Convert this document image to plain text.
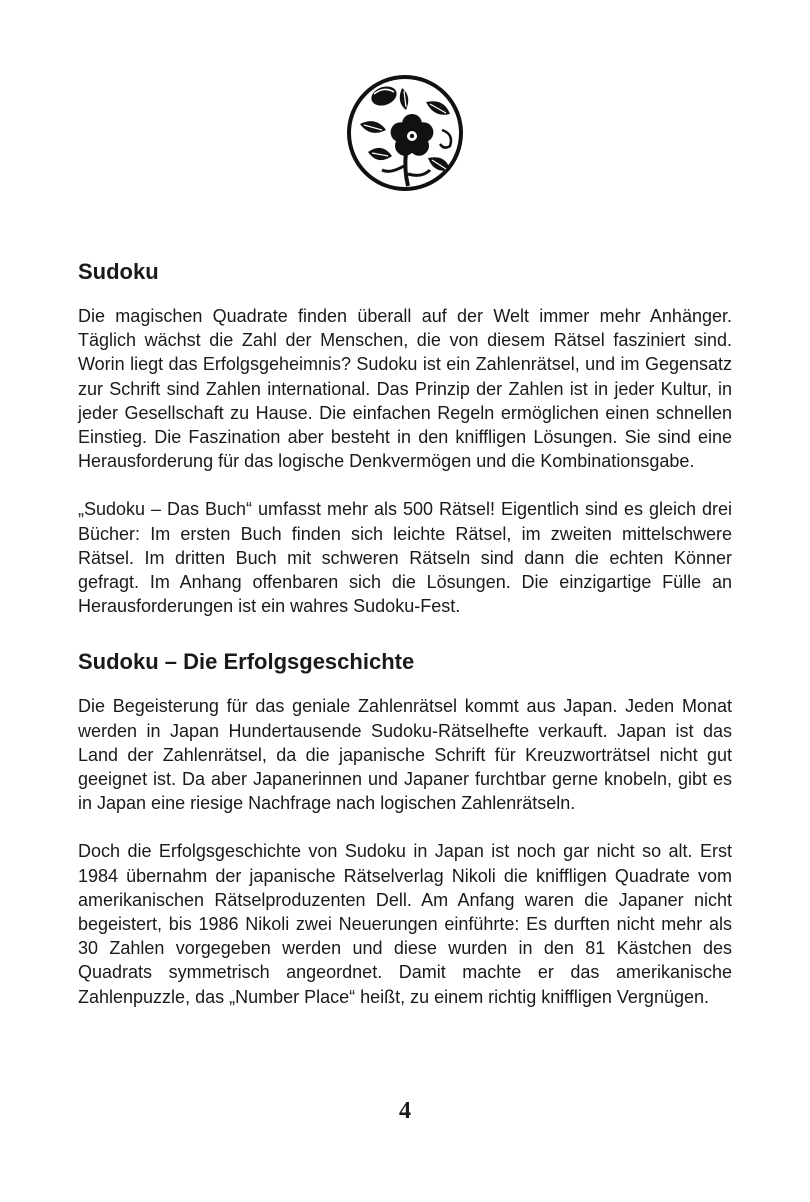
Sudoku

Die magischen Quadrate finden überall auf der Welt immer mehr Anhänger. Täglich wächst die Zahl der Menschen, die von diesem Rätsel fasziniert sind. Worin liegt das Erfolgsgeheimnis? Sudoku ist ein Zahlenrätsel, und im Gegensatz zur Schrift sind Zahlen international. Das Prinzip der Zahlen ist in jeder Kultur, in jeder Gesellschaft zu Hause. Die einfachen Regeln ermöglichen einen schnellen Einstieg. Die Faszination aber besteht in den kniffligen Lösungen. Sie sind eine Herausforderung für das logische Denkvermögen und die Kombinationsgabe.

„Sudoku – Das Buch“ umfasst mehr als 500 Rätsel! Eigentlich sind es gleich drei Bücher: Im ersten Buch finden sich leichte Rätsel, im zweiten mittelschwere Rätsel. Im dritten Buch mit schweren Rätseln sind dann die echten Könner gefragt. Im Anhang offenbaren sich die Lösungen. Die einzigartige Fülle an Herausforderungen ist ein wahres Sudoku-Fest.

Sudoku – Die Erfolgsgeschichte

Die Begeisterung für das geniale Zahlenrätsel kommt aus Japan. Jeden Monat werden in Japan Hundertausende Sudoku-Rätselhefte verkauft. Japan ist das Land der Zahlenrätsel, da die japanische Schrift für Kreuzworträtsel nicht gut geeignet ist. Da aber Japanerinnen und Japaner furchtbar gerne knobeln, gibt es in Japan eine riesige Nachfrage nach logischen Zahlenrätseln.

Doch die Erfolgsgeschichte von Sudoku in Japan ist noch gar nicht so alt. Erst 1984 übernahm der japanische Rätselverlag Nikoli die kniffligen Quadrate vom amerikanischen Rätselproduzenten Dell. Am Anfang waren die Japaner nicht begeistert, bis 1986 Nikoli zwei Neuerungen einführte: Es durften nicht mehr als 30 Zahlen vorgegeben werden und diese wurden in den 81 Kästchen des Quadrats symmetrisch angeordnet. Damit machte er das amerikanische Zahlenpuzzle, das „Number Place“ heißt, zu einem richtig kniffligen Vergnügen.

4
